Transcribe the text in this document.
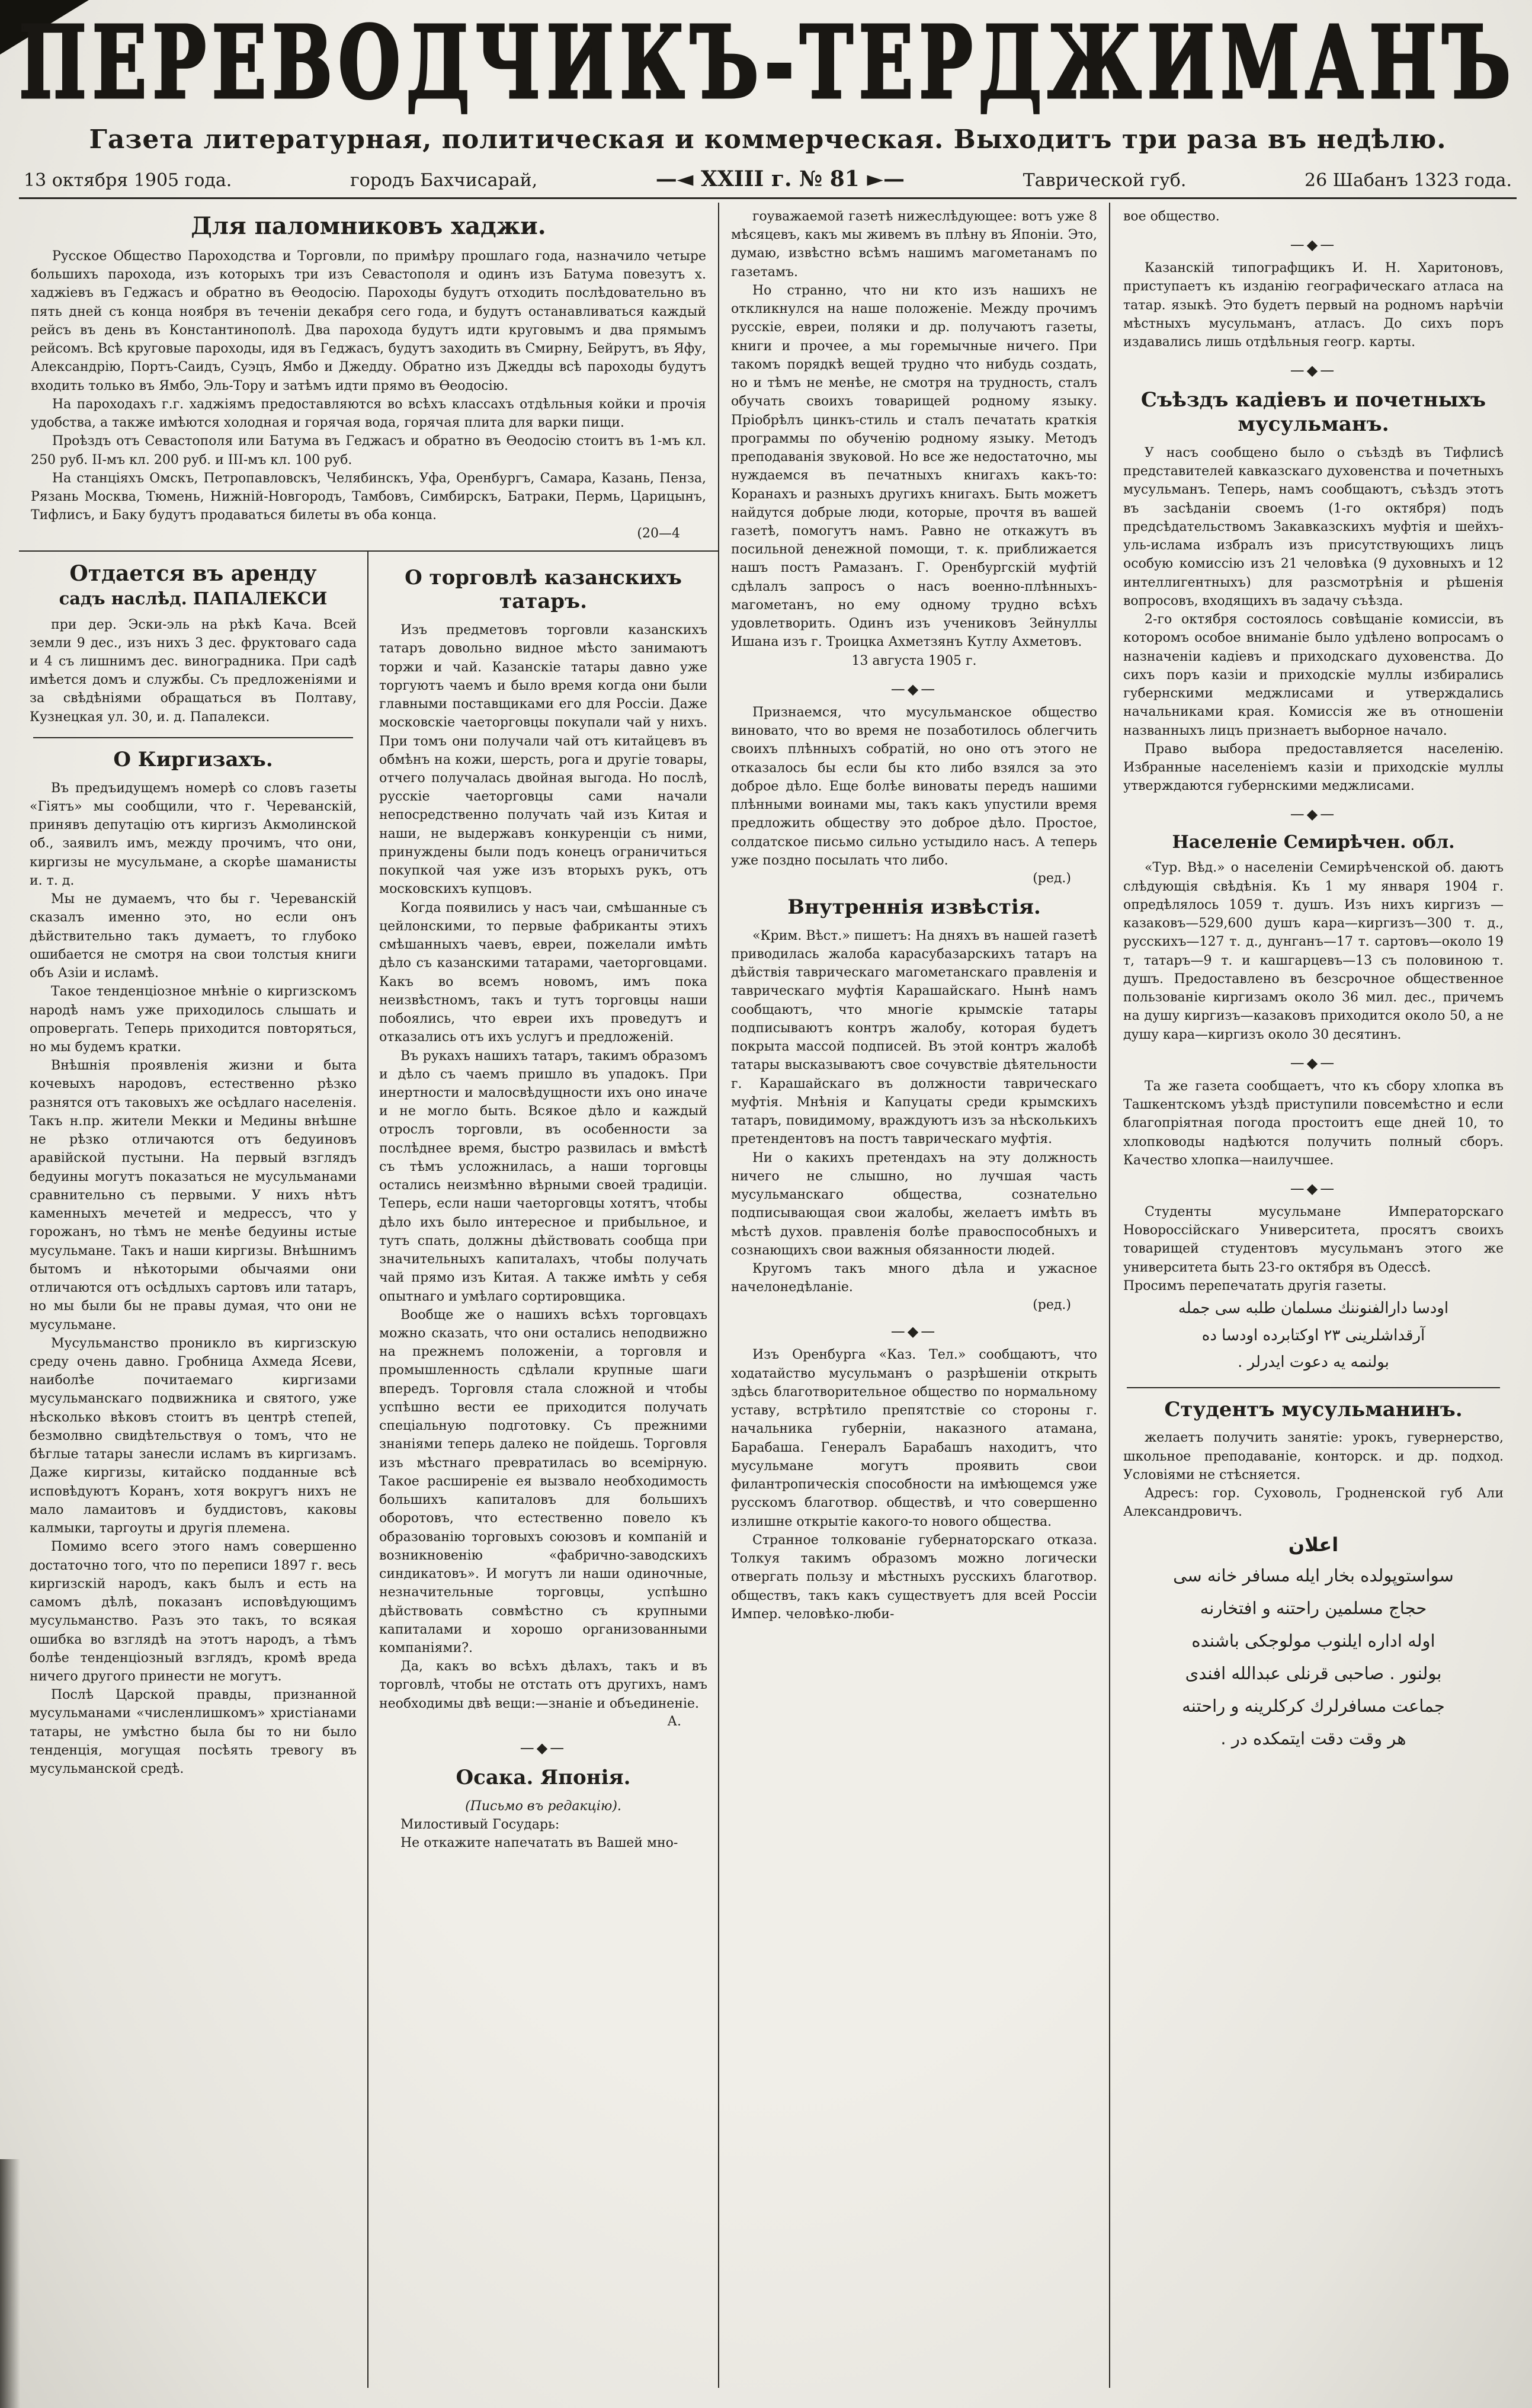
ПЕРЕВОДЧИКЪ-ТЕРДЖИМАНЪ
Газета литературная, политическая и коммерческая. Выходитъ три раза въ недѣлю.
13 октября 1905 года.	городъ Бахчисарай,	—◄ XXIII г. № 81 ►—	Таврической губ.	26 Шабанъ 1323 года.
Для паломниковъ хаджи.

Русское Общество Пароходства и Торговли, по примѣру прошлаго года, назначило четыре большихъ парохода, изъ которыхъ три изъ Севастополя и одинъ изъ Батума повезутъ х. хаджіевъ въ Геджасъ и обратно въ Ѳеодосію. Пароходы будутъ отходить послѣдовательно въ пять дней съ конца ноября въ теченіи декабря сего года, и будутъ останавливаться каждый рейсъ въ день въ Константинополѣ. Два парохода будутъ идти круговымъ и два прямымъ рейсомъ. Всѣ круговые пароходы, идя въ Геджасъ, будутъ заходить въ Смирну, Бейрутъ, въ Яфу, Александрію, Портъ-Саидъ, Суэцъ, Ямбо и Джедду. Обратно изъ Джедды всѣ пароходы будутъ входить только въ Ямбо, Эль-Тору и затѣмъ идти прямо въ Ѳеодосію.

На пароходахъ г.г. хаджіямъ предоставляются во всѣхъ классахъ отдѣльныя койки и прочія удобства, а также имѣются холодная и горячая вода, горячая плита для варки пищи.

Проѣздъ отъ Севастополя или Батума въ Геджасъ и обратно въ Ѳеодосію стоитъ въ 1-мъ кл. 250 руб. II-мъ кл. 200 руб. и III-мъ кл. 100 руб.

На станціяхъ Омскъ, Петропавловскъ, Челябинскъ, Уфа, Оренбургъ, Самара, Казань, Пенза, Рязань Москва, Тюмень, Нижній-Новгородъ, Тамбовъ, Симбирскъ, Батраки, Пермь, Царицынъ, Тифлисъ, и Баку будутъ продаваться билеты въ оба конца.

(20—4

Отдается въ аренду
садъ наслѣд. ПАПАЛЕКСИ

при дер. Эски-эль на рѣкѣ Кача. Всей земли 9 дес., изъ нихъ 3 дес. фруктоваго сада и 4 съ лишнимъ дес. виноградника. При садѣ имѣется домъ и службы. Съ предложеніями и за свѣдѣніями обращаться въ Полтаву, Кузнецкая ул. 30, и. д. Папалекси.

О Киргизахъ.

Въ предъидущемъ номерѣ со словъ газеты «Гіятъ» мы сообщили, что г. Череванскій, принявъ депутацію отъ киргизъ Акмолинской об., заявилъ имъ, между прочимъ, что они, киргизы не мусульмане, а скорѣе шаманисты и. т. д.

Мы не думаемъ, что бы г. Череванскій сказалъ именно это, но если онъ дѣйствительно такъ думаетъ, то глубоко ошибается не смотря на свои толстыя книги объ Азіи и исламѣ.

Такое тенденціозное мнѣніе о киргизскомъ народѣ намъ уже приходилось слышать и опровергать. Теперь приходится повторяться, но мы будемъ кратки.

Внѣшнія проявленія жизни и быта кочевыхъ народовъ, естественно рѣзко разнятся отъ таковыхъ же осѣдлаго населенія. Такъ н.пр. жители Мекки и Медины внѣшне не рѣзко отличаются отъ бедуиновъ аравійской пустыни. На первый взглядъ бедуины могутъ показаться не мусульманами сравнительно съ первыми. У нихъ нѣтъ каменныхъ мечетей и медрессъ, что у горожанъ, но тѣмъ не менѣе бедуины истые мусульмане. Такъ и наши киргизы. Внѣшнимъ бытомъ и нѣкоторыми обычаями они отличаются отъ осѣдлыхъ сартовъ или татаръ, но мы были бы не правы думая, что они не мусульмане.

Мусульманство проникло въ киргизскую среду очень давно. Гробница Ахмеда Ясеви, наиболѣе почитаемаго киргизами мусульманскаго подвижника и святого, уже нѣсколько вѣковъ стоитъ въ центрѣ степей, безмолвно свидѣтельствуя о томъ, что не бѣглые татары занесли исламъ въ киргизамъ. Даже киргизы, китайско подданные всѣ исповѣдуютъ Коранъ, хотя вокругъ нихъ не мало ламаитовъ и буддистовъ, каковы калмыки, таргоуты и другія племена.

Помимо всего этого намъ совершенно достаточно того, что по переписи 1897 г. весь киргизскій народъ, какъ былъ и есть на самомъ дѣлѣ, показанъ исповѣдующимъ мусульманство. Разъ это такъ, то всякая ошибка во взглядѣ на этотъ народъ, а тѣмъ болѣе тенденціозный взглядъ, кромѣ вреда ничего другого принести не могутъ.

Послѣ Царской правды, признанной мусульманами «численлишкомъ» христіанами татары, не умѣстно была бы то ни было тенденція, могущая посѣять тревогу въ мусульманской средѣ.

О торговлѣ казанскихъ татаръ.

Изъ предметовъ торговли казанскихъ татаръ довольно видное мѣсто занимаютъ торжи и чай. Казанскіе татары давно уже торгуютъ чаемъ и было время когда они были главными поставщиками его для Россіи. Даже московскіе чаеторговцы покупали чай у нихъ. При томъ они получали чай отъ китайцевъ въ обмѣнъ на кожи, шерсть, рога и другіе товары, отчего получалась двойная выгода. Но послѣ, русскіе чаеторговцы сами начали непосредственно получать чай изъ Китая и наши, не выдержавъ конкуренціи съ ними, принуждены были подъ конецъ ограничиться покупкой чая уже изъ вторыхъ рукъ, отъ московскихъ купцовъ.

Когда появились у насъ чаи, смѣшанные съ цейлонскими, то первые фабриканты этихъ смѣшанныхъ чаевъ, евреи, пожелали имѣть дѣло съ казанскими татарами, чаеторговцами. Какъ во всемъ новомъ, имъ пока неизвѣстномъ, такъ и тутъ торговцы наши побоялись, что евреи ихъ проведутъ и отказались отъ ихъ услугъ и предложеній.

Въ рукахъ нашихъ татаръ, такимъ образомъ и дѣло съ чаемъ пришло въ упадокъ. При инертности и малосвѣдущности ихъ оно иначе и не могло быть. Всякое дѣло и каждый отрослъ торговли, въ особенности за послѣднее время, быстро развилась и вмѣстѣ съ тѣмъ усложнилась, а наши торговцы остались неизмѣнно вѣрными своей традиціи. Теперь, если наши чаеторговцы хотятъ, чтобы дѣло ихъ было интересное и прибыльное, и тутъ спать, должны дѣйствовать сообща при значительныхъ капиталахъ, чтобы получать чай прямо изъ Китая. А также имѣть у себя опытнаго и умѣлаго сортировщика.

Вообще же о нашихъ всѣхъ торговцахъ можно сказать, что они остались неподвижно на прежнемъ положеніи, а торговля и промышленность сдѣлали крупные шаги впередъ. Торговля стала сложной и чтобы успѣшно вести ее приходится получать спеціальную подготовку. Съ прежними знаніями теперь далеко не пойдешь. Торговля изъ мѣстнаго превратилась во всемірную. Такое расширеніе ея вызвало необходимость большихъ капиталовъ для большихъ оборотовъ, что естественно повело къ образованію торговыхъ союзовъ и компаній и возникновенію «фабрично-заводскихъ синдикатовъ». И могутъ ли наши одиночные, незначительные торговцы, успѣшно дѣйствовать совмѣстно съ крупными капиталами и хорошо организованными компаніями?.

Да, какъ во всѣхъ дѣлахъ, такъ и въ торговлѣ, чтобы не отстать отъ другихъ, намъ необходимы двѣ вещи:—знаніе и объединеніе.

А.

—◆—
Осака. Японія.

(Письмо въ редакцію).

Милостивый Государь:

Не откажите напечатать въ Вашей мно-

гоуважаемой газетѣ нижеслѣдующее: вотъ уже 8 мѣсяцевъ, какъ мы живемъ въ плѣну въ Японіи. Это, думаю, извѣстно всѣмъ нашимъ магометанамъ по газетамъ.

Но странно, что ни кто изъ нашихъ не откликнулся на наше положеніе. Между прочимъ русскіе, евреи, поляки и др. получаютъ газеты, книги и прочее, а мы горемычные ничего. При такомъ порядкѣ вещей трудно что нибудь создать, но и тѣмъ не менѣе, не смотря на трудность, сталъ обучать своихъ товарищей родному языку. Пріобрѣлъ цинкъ-стиль и сталъ печатать краткія программы по обученію родному языку. Методъ преподаванія звуковой. Но все же недостаточно, мы нуждаемся въ печатныхъ книгахъ какъ-то: Коранахъ и разныхъ другихъ книгахъ. Быть можетъ найдутся добрые люди, которые, прочтя въ вашей газетѣ, помогутъ намъ. Равно не откажутъ въ посильной денежной помощи, т. к. приближается нашъ постъ Рамазанъ. Г. Оренбургскій муфтій сдѣлалъ запросъ о насъ военно-плѣнныхъ-магометанъ, но ему одному трудно всѣхъ удовлетворить. Одинъ изъ учениковъ Зейнуллы Ишана изъ г. Троицка Ахметзянъ Кутлу Ахметовъ.

13 августа 1905 г.

—◆—

Признаемся, что мусульманское общество виновато, что во время не позаботилось облегчить своихъ плѣнныхъ собратій, но оно отъ этого не отказалось бы если бы кто либо взялся за это доброе дѣло. Еще болѣе виноваты передъ нашими плѣнными воинами мы, такъ какъ упустили время предложить обществу это доброе дѣло. Простое, солдатское письмо сильно устыдило насъ. А теперь уже поздно посылать что либо.

(ред.)

Внутреннія извѣстія.

«Крим. Вѣст.» пишетъ: На дняхъ въ нашей газетѣ приводилась жалоба карасубазарскихъ татаръ на дѣйствія таврическаго магометанскаго правленія и таврическаго муфтія Карашайскаго. Нынѣ намъ сообщаютъ, что многіе крымскіе татары подписываютъ контръ жалобу, которая будетъ покрыта массой подписей. Въ этой контръ жалобѣ татары высказываютъ свое сочувствіе дѣятельности г. Карашайскаго въ должности таврическаго муфтія. Мнѣнія и Капуцаты среди крымскихъ татаръ, повидимому, враждуютъ изъ за нѣсколькихъ претендентовъ на постъ таврическаго муфтія.

Ни о какихъ претендахъ на эту должность ничего не слышно, но лучшая часть мусульманскаго общества, сознательно подписывающая свои жалобы, желаетъ имѣть въ мѣстѣ духов. правленія болѣе правоспособныхъ и сознающихъ свои важныя обязанности людей.

Кругомъ такъ много дѣла и ужасное начелонедѣланіе.

(ред.)

—◆—

Изъ Оренбурга «Каз. Тел.» сообщаютъ, что ходатайство мусульманъ о разрѣшеніи открыть здѣсь благотворительное общество по нормальному уставу, встрѣтило препятствіе со стороны г. начальника губерніи, наказного атамана, Барабаша. Генералъ Барабашъ находитъ, что мусульмане могутъ проявить свои филантропическія способности на имѣющемся уже русскомъ благотвор. обществѣ, и что совершенно излишне открытіе какого-то нового общества.

Странное толкованіе губернаторскаго отказа. Толкуя такимъ образомъ можно логически отвергать пользу и мѣстныхъ русскихъ благотвор. обществъ, такъ какъ существуетъ для всей Россіи Импер. человѣко-люби-

вое общество.

—◆—

Казанскій типографщикъ И. Н. Харитоновъ, приступаетъ къ изданію географическаго атласа на татар. языкѣ. Это будетъ первый на родномъ нарѣчіи мѣстныхъ мусульманъ, атласъ. До сихъ поръ издавались лишь отдѣльныя геогр. карты.

—◆—
Съѣздъ кадіевъ и почетныхъ мусульманъ.

У насъ сообщено было о съѣздѣ въ Тифлисѣ представителей кавказскаго духовенства и почетныхъ мусульманъ. Теперь, намъ сообщаютъ, съѣздъ этотъ въ засѣданіи своемъ (1-го октября) подъ предсѣдательствомъ Закавказскихъ муфтія и шейхъ-уль-ислама избралъ изъ присутствующихъ лицъ особую комиссію изъ 21 человѣка (9 духовныхъ и 12 интеллигентныхъ) для разсмотрѣнія и рѣшенія вопросовъ, входящихъ въ задачу съѣзда.

2-го октября состоялось совѣщаніе комиссіи, въ которомъ особое вниманіе было удѣлено вопросамъ о назначеніи кадіевъ и приходскаго духовенства. До сихъ поръ казіи и приходскіе муллы избирались губернскими меджлисами и утверждались начальниками края. Комиссія же въ отношеніи названныхъ лицъ признаетъ выборное начало.

Право выбора предоставляется населенію. Избранные населеніемъ казіи и приходскіе муллы утверждаются губернскими меджлисами.

—◆—
Населеніе Семирѣчен. обл.

«Тур. Вѣд.» о населеніи Семирѣченской об. даютъ слѣдующія свѣдѣнія. Къ 1 му января 1904 г. опредѣлялось 1059 т. душъ. Изъ нихъ киргизъ — казаковъ—529,600 душъ кара—киргизъ—300 т. д., русскихъ—127 т. д., дунганъ—17 т. сартовъ—около 19 т, татаръ—9 т. и кашгарцевъ—13 съ половиною т. душъ. Предоставлено въ безсрочное общественное пользованіе киргизамъ около 36 мил. дес., причемъ на душу киргизъ—казаковъ приходится около 50, а не душу кара—киргизъ около 30 десятинъ.

—◆—

Та же газета сообщаетъ, что къ сбору хлопка въ Ташкентскомъ уѣздѣ приступили повсемѣстно и если благопріятная погода простоитъ еще дней 10, то хлопководы надѣются получить полный сборъ. Качество хлопка—наилучшее.

—◆—

Студенты мусульмане Императорскаго Новороссійскаго Университета, просятъ своихъ товарищей студентовъ мусульманъ этого же университета быть 23-го октября въ Одессѣ.

Просимъ перепечатать другія газеты.

اودسا دارالفنوننك مسلمان طلبه سی جمله

آرقداشلرینی ٢٣ اوکتابرده اودسا ده

بولنمه يه دعوت ايدرلر .

Студентъ мусульманинъ.

желаетъ получить занятіе: урокъ, гувернерство, школьное преподаваніе, конторск. и др. подход. Условіями не стѣсняется.

Адресъ: гор. Суховоль, Гродненской губ Али Александровичъ.

اعلان

سواستوپولده بخار ايله مسافر خانه سی

حجاج مسلمين راحتنه و افتخارنه

اوله اداره ايلنوب مولوجكی باشنده

بولنور . صاحبی قرنلی عبدالله افندی

جماعت مسافرلرك كركلرينه و راحتنه

هر وقت دقت ايتمكده در .
